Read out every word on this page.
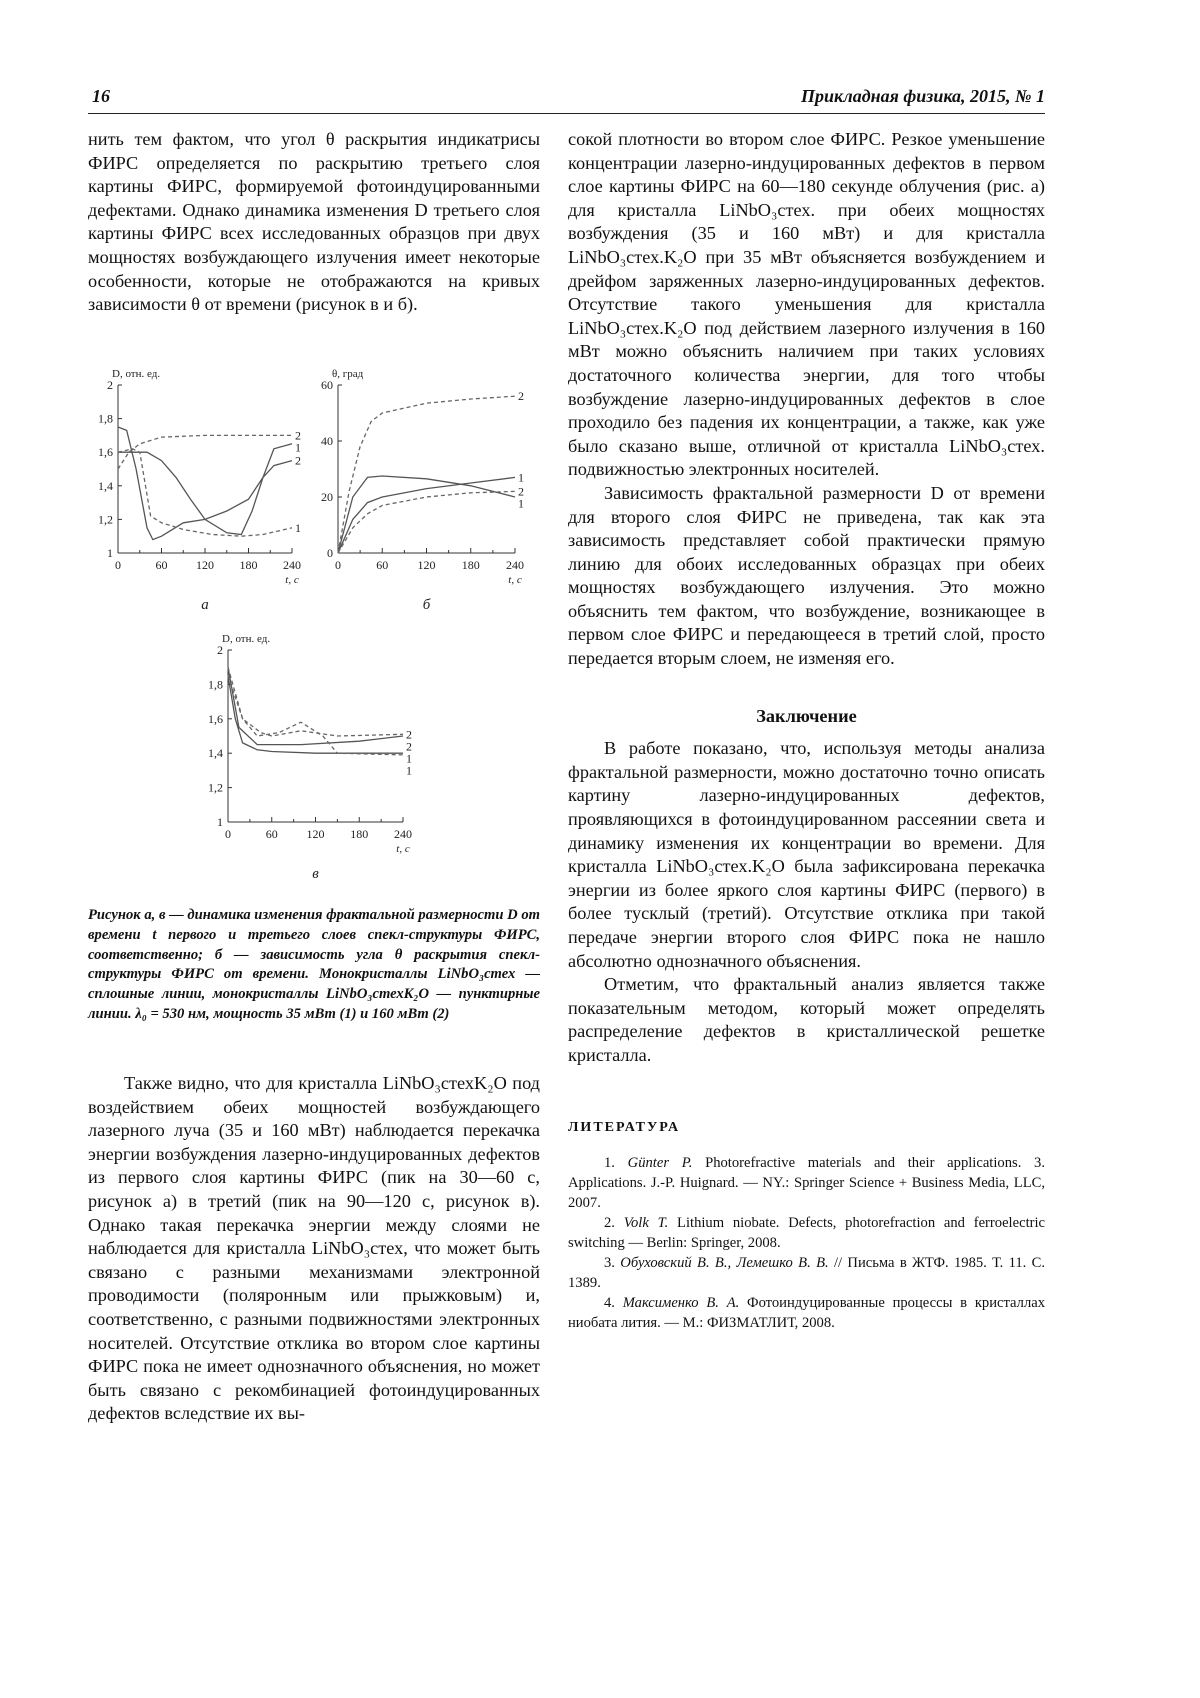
16	Прикладная физика, 2015, № 1

нить тем фактом, что угол θ раскрытия индикатрисы ФИРС определяется по раскрытию третьего слоя картины ФИРС, формируемой фотоиндуцированными дефектами. Однако динамика изменения D третьего слоя картины ФИРС всех исследованных образцов при двух мощностях возбуждающего излучения имеет некоторые особенности, которые не отображаются на кривых зависимости θ от времени (рисунок в и б).

0	60 120 180 240
1
1,2
1,4
1,6
1,8
2
D, отн. ед.
t, с
а
2
1
2
1
0	60 120 180 240
0
20
40
60
θ, град
t, с
б
2
1
2
1
0	60 120 180 240
1
1,2
1,4
1,6
1,8
2
D, отн. ед.
t, с
в
2
2
1
1
Рисунок а, в — динамика изменения фрактальной размерности D от времени t первого и третьего слоев спекл-структуры ФИРС, соответственно; б — зависимость угла θ раскрытия спекл-структуры ФИРС от времени. Монокристаллы LiNbO₃стех — сплошные линии, монокристаллы LiNbO₃стехK₂O — пунктирные линии. λ₀ = 530 нм, мощность 35 мВт (1) и 160 мВт (2)

Также видно, что для кристалла LiNbO₃стехK₂O под воздействием обеих мощностей возбуждающего лазерного луча (35 и 160 мВт) наблюдается перекачка энергии возбуждения лазерно-индуцированных дефектов из первого слоя картины ФИРС (пик на 30—60 с, рисунок а) в третий (пик на 90—120 с, рисунок в). Однако такая перекачка энергии между слоями не наблюдается для кристалла LiNbO₃стех, что может быть связано с разными механизмами электронной проводимости (поляронным или прыжковым) и, соответственно, с разными подвижностями электронных носителей. Отсутствие отклика во втором слое картины ФИРС пока не имеет однозначного объяснения, но может быть связано с рекомбинацией фотоиндуцированных дефектов вследствие их вы-

сокой плотности во втором слое ФИРС. Резкое уменьшение концентрации лазерно-индуцированных дефектов в первом слое картины ФИРС на 60—180 секунде облучения (рис. а) для кристалла LiNbO₃стех. при обеих мощностях возбуждения (35 и 160 мВт) и для кристалла LiNbO₃стех.K₂O при 35 мВт объясняется возбуждением и дрейфом заряженных лазерно-индуцированных дефектов. Отсутствие такого уменьшения для кристалла LiNbO₃стех.K₂O под действием лазерного излучения в 160 мВт можно объяснить наличием при таких условиях достаточного количества энергии, для того чтобы возбуждение лазерно-индуцированных дефектов в слое проходило без падения их концентрации, а также, как уже было сказано выше, отличной от кристалла LiNbO₃стех. подвижностью электронных носителей.

Зависимость фрактальной размерности D от времени для второго слоя ФИРС не приведена, так как эта зависимость представляет собой практически прямую линию для обоих исследованных образцах при обеих мощностях возбуждающего излучения. Это можно объяснить тем фактом, что возбуждение, возникающее в первом слое ФИРС и передающееся в третий слой, просто передается вторым слоем, не изменяя его.

Заключение

В работе показано, что, используя методы анализа фрактальной размерности, можно достаточно точно описать картину лазерно-индуцированных дефектов, проявляющихся в фотоиндуцированном рассеянии света и динамику изменения их концентрации во времени. Для кристалла LiNbO₃стех.K₂O была зафиксирована перекачка энергии из более яркого слоя картины ФИРС (первого) в более тусклый (третий). Отсутствие отклика при такой передаче энергии второго слоя ФИРС пока не нашло абсолютно однозначного объяснения.

Отметим, что фрактальный анализ является также показательным методом, который может определять распределение дефектов в кристаллической решетке кристалла.

ЛИТЕРАТУРА

1. Günter P. Photorefractive materials and their applications. 3. Applications. J.-P. Huignard. — NY.: Springer Science + Business Media, LLC, 2007.

2. Volk T. Lithium niobate. Defects, photorefraction and ferroelectric switching — Berlin: Springer, 2008.

3. Обуховский В. В., Лемешко В. В. // Письма в ЖТФ. 1985. Т. 11. С. 1389.

4. Максименко В. А. Фотоиндуцированные процессы в кристаллах ниобата лития. — М.: ФИЗМАТЛИТ, 2008.
